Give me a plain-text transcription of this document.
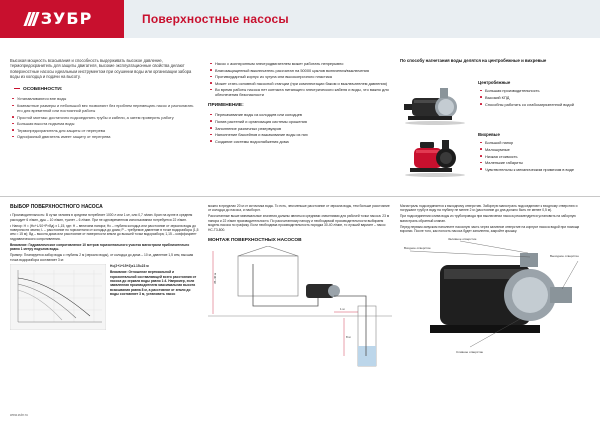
ЗУБР	Поверхностные насосы
Высокая мощность всасывания и способность выдерживать высокое давление, термопредохранитель для защиты двигателя, высокие эксплуатационные свойства делают поверхностные насосы идеальным инструментом при осушении воды или организации забора воды из колодца и подачи на высоту.
ОСОБЕННОСТИ:
Устанавливаются вне воды
Компактные размеры и небольшой вес позволяют без проблем перемещать насос и располагать его для временной или постоянной работы
Простой монтаж: достаточно подсоединить трубы и кабели, а затем проверить работу
Большая высота подъема воды
Термопредохранитель для защиты от перегрева
Однофазный двигатель имеет защиту от перегрева
Насос с асинхронным электродвигателем может работать непрерывно
Влагозащищенный выключатель рассчитан на 50000 циклов включения/выключения
Противоударный корпус из чугуна или высокопрочного пластика
Может стать основной насосной станции (при комплектации баком и выключателем давления)
Во время работы насоса нет контакта питающего электрического кабеля и воды, что важно для обеспечения безопасности
ПРИМЕНЕНИЕ:
Перекачивание воды из колодцев или колодцев
Полив растений и организация системы орошения
Заполнение различных резервуаров
Наполнение бассейнов и выкачивание воды из них
Создание системы водоснабжения дома
По способу нагнетания воды делятся на центробежные и вихревые
Центробежные
Большая производительность
Высокий КПД
Способны работать со слабозагрязненной водой
Вихревые
Большой напор
Малошумные
Низкая стоимость
Маленькие габариты
Чувствительны к механическим примесям в воде
ВЫБОР ПОВЕРХНОСТНОГО НАСОСА

• Производительность: В сутки человек в среднем потребляет 1000 л или 1 м³, или 0,7 л/мин. Кран на кухне в среднем расходует 6 л/мин, душ – 10 л/мин, туалет – 6 л/мин. При не одновременном использовании потребуется 22 л/мин.

• Напор: H = (Нс+L/10+Р×Вд) х 1,15, где: Н – величина напора; Нс – глубина колодца или расстояние от зеркала воды до поверхности земли; L – расстояние по горизонтали от колодца до дома; Р – требуемое давление в точке водоразбора (1,5 атм = 15 м); Вд – высота дома или расстояние от поверхности земли до высшей точки водоразбора; 1,15 – коэффициент гидравлического сопротивления.

Внимание: Гидравлическое сопротивление 10 метров горизонтального участка магистрали приблизительно равно 1 метру подъема воды.

Пример: Планируется забор воды с глубины 2 м (зеркало воды), от колодца до дома – 10 м, давление 1,5 атм, высшая точка водоразбора составляет 3 м:

Н=(2+1+15+2)х1.15=23 м

Внимание: Отношение вертикальной и горизонтальной составляющей всего расстояния от насоса до зеркала воды равно 1:4. Например, если заявленная производителем максимальная высота всасывания равна 8 м, а расстояние от земли до воды составляет 3 м, установить насос

можно в пределах 20 м от источника воды. То есть, чем меньше расстояние от зеркала воды, тем больше расстояние от колодца до насоса, и наоборот.

Рассчитанные выше минимальные значения должны являться средними значениями для рабочей точки насоса: 23 м напора и 22 л/мин производительности. По рассчитанному напору и необходимой производительности выбираем модель насоса по графику. Если необходима производительность порядка 30-40 л/мин, то лучший вариант – насос НС-Т3-800.

МОНТАЖ ПОВЕРХНОСТНЫХ НАСОСОВ
35–40 м
8 м
1 м

Магистраль подсоединяется к выходному отверстию. Заборную магистраль подсоединяют к входному отверстию и погружают трубу в воду на глубину не менее 2 м (расстояние до дна должно быть не менее 0,5 м).

При подсоединении слива воды из трубопровода при выключении насоса рекомендуется установить на заборную магистраль обратный клапан.

Перед первым запуском наполните насосную часть через заливное отверстие на корпусе насоса водой при помощи воронки. После того, как полость насоса будет заполнена, закройте крышку.

Входное отверстие
Заливное отверстие
Выходное отверстие
Сливное отверстие
www.zubr.ru
